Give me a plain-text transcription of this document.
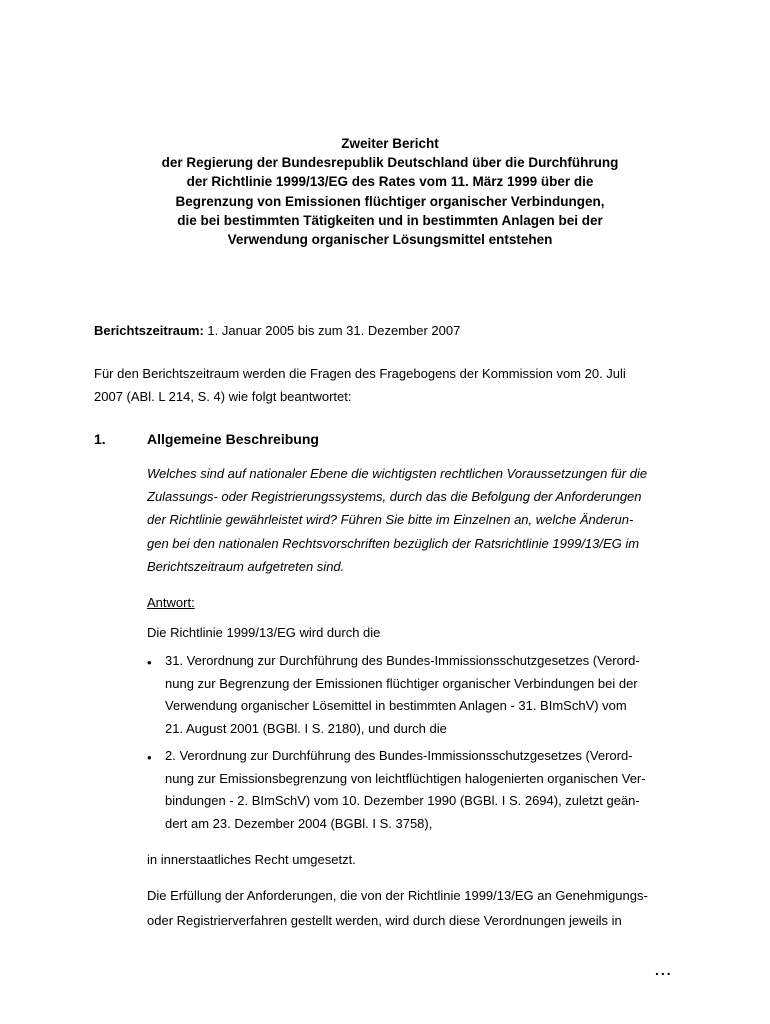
Zweiter Bericht
der Regierung der Bundesrepublik Deutschland über die Durchführung
der Richtlinie 1999/13/EG des Rates vom 11. März 1999 über die
Begrenzung von Emissionen flüchtiger organischer Verbindungen,
die bei bestimmten Tätigkeiten und in bestimmten Anlagen bei der
Verwendung organischer Lösungsmittel entstehen
Berichtszeitraum: 1. Januar 2005 bis zum 31. Dezember 2007
Für den Berichtszeitraum werden die Fragen des Fragebogens der Kommission vom 20. Juli
2007 (ABl. L 214, S. 4) wie folgt beantwortet:
1.	Allgemeine Beschreibung
Welches sind auf nationaler Ebene die wichtigsten rechtlichen Voraussetzungen für die
Zulassungs- oder Registrierungssystems, durch das die Befolgung der Anforderungen
der Richtlinie gewährleistet wird? Führen Sie bitte im Einzelnen an, welche Änderun-
gen bei den nationalen Rechtsvorschriften bezüglich der Ratsrichtlinie 1999/13/EG im
Berichtszeitraum aufgetreten sind.
Antwort:
Die Richtlinie 1999/13/EG wird durch die
• 31. Verordnung zur Durchführung des Bundes-Immissionsschutzgesetzes (Verord-
nung zur Begrenzung der Emissionen flüchtiger organischer Verbindungen bei der
Verwendung organischer Lösemittel in bestimmten Anlagen - 31. BImSchV) vom
21. August 2001 (BGBl. I S. 2180), und durch die
• 2. Verordnung zur Durchführung des Bundes-Immissionsschutzgesetzes (Verord-
nung zur Emissionsbegrenzung von leichtflüchtigen halogenierten organischen Ver-
bindungen - 2. BImSchV) vom 10. Dezember 1990 (BGBl. I S. 2694), zuletzt geän-
dert am 23. Dezember 2004 (BGBl. I S. 3758),
in innerstaatliches Recht umgesetzt.
Die Erfüllung der Anforderungen, die von der Richtlinie 1999/13/EG an Genehmigungs-
oder Registrierverfahren gestellt werden, wird durch diese Verordnungen jeweils in
...
